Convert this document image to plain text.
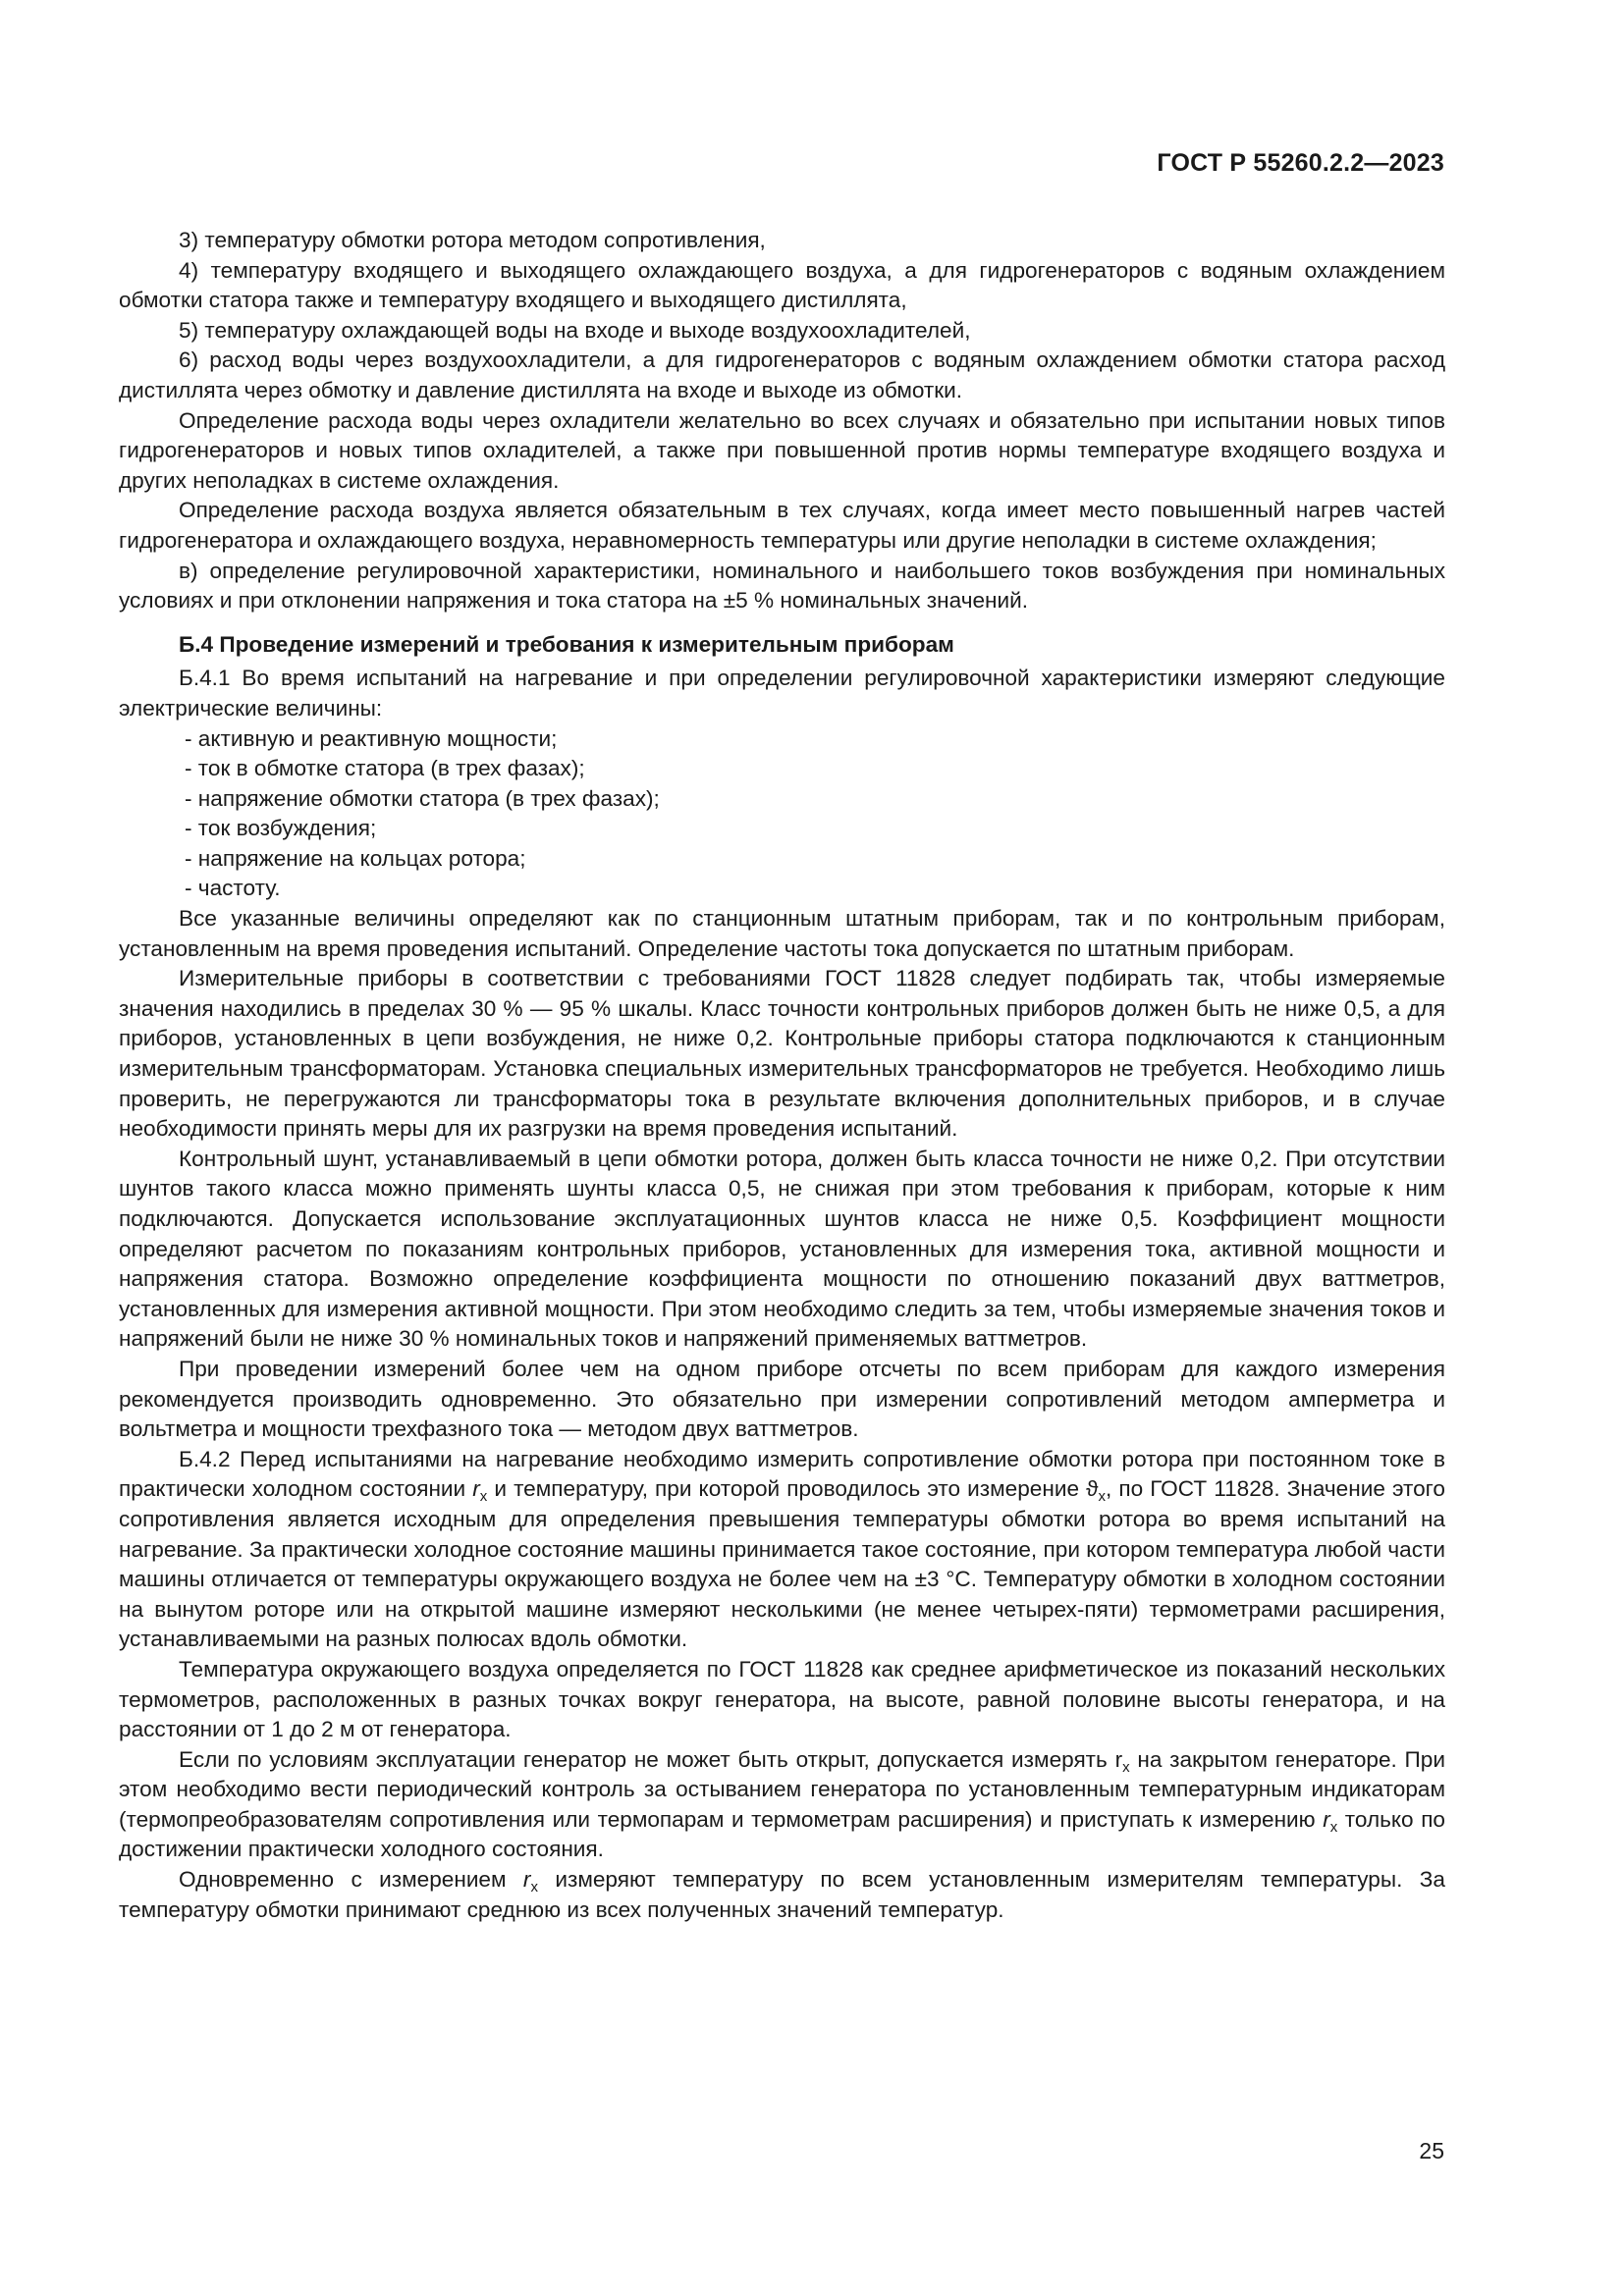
ГОСТ Р 55260.2.2—2023

3) температуру обмотки ротора методом сопротивления,

4) температуру входящего и выходящего охлаждающего воздуха, а для гидрогенераторов с водяным охлаждением обмотки статора также и температуру входящего и выходящего дистиллята,

5) температуру охлаждающей воды на входе и выходе воздухоохладителей,

6) расход воды через воздухоохладители, а для гидрогенераторов с водяным охлаждением обмотки статора расход дистиллята через обмотку и давление дистиллята на входе и выходе из обмотки.

Определение расхода воды через охладители желательно во всех случаях и обязательно при испытании новых типов гидрогенераторов и новых типов охладителей, а также при повышенной против нормы температуре входящего воздуха и других неполадках в системе охлаждения.

Определение расхода воздуха является обязательным в тех случаях, когда имеет место повышенный нагрев частей гидрогенератора и охлаждающего воздуха, неравномерность температуры или другие неполадки в системе охлаждения;

в) определение регулировочной характеристики, номинального и наибольшего токов возбуждения при номинальных условиях и при отклонении напряжения и тока статора на ±5 % номинальных значений.

Б.4 Проведение измерений и требования к измерительным приборам

Б.4.1 Во время испытаний на нагревание и при определении регулировочной характеристики измеряют следующие электрические величины:

- активную и реактивную мощности;

- ток в обмотке статора (в трех фазах);

- напряжение обмотки статора (в трех фазах);

- ток возбуждения;

- напряжение на кольцах ротора;

- частоту.

Все указанные величины определяют как по станционным штатным приборам, так и по контрольным приборам, установленным на время проведения испытаний. Определение частоты тока допускается по штатным приборам.

Измерительные приборы в соответствии с требованиями ГОСТ 11828 следует подбирать так, чтобы измеряемые значения находились в пределах 30 % — 95 % шкалы. Класс точности контрольных приборов должен быть не ниже 0,5, а для приборов, установленных в цепи возбуждения, не ниже 0,2. Контрольные приборы статора подключаются к станционным измерительным трансформаторам. Установка специальных измерительных трансформаторов не требуется. Необходимо лишь проверить, не перегружаются ли трансформаторы тока в результате включения дополнительных приборов, и в случае необходимости принять меры для их разгрузки на время проведения испытаний.

Контрольный шунт, устанавливаемый в цепи обмотки ротора, должен быть класса точности не ниже 0,2. При отсутствии шунтов такого класса можно применять шунты класса 0,5, не снижая при этом требования к приборам, которые к ним подключаются. Допускается использование эксплуатационных шунтов класса не ниже 0,5. Коэффициент мощности определяют расчетом по показаниям контрольных приборов, установленных для измерения тока, активной мощности и напряжения статора. Возможно определение коэффициента мощности по отношению показаний двух ваттметров, установленных для измерения активной мощности. При этом необходимо следить за тем, чтобы измеряемые значения токов и напряжений были не ниже 30 % номинальных токов и напряжений применяемых ваттметров.

При проведении измерений более чем на одном приборе отсчеты по всем приборам для каждого измерения рекомендуется производить одновременно. Это обязательно при измерении сопротивлений методом амперметра и вольтметра и мощности трехфазного тока — методом двух ваттметров.

Б.4.2 Перед испытаниями на нагревание необходимо измерить сопротивление обмотки ротора при постоянном токе в практически холодном состоянии $r_x$ и температуру, при которой проводилось это измерение $ϑ_x$, по ГОСТ 11828. Значение этого сопротивления является исходным для определения превышения температуры обмотки ротора во время испытаний на нагревание. За практически холодное состояние машины принимается такое состояние, при котором температура любой части машины отличается от температуры окружающего воздуха не более чем на ±3 °С. Температуру обмотки в холодном состоянии на вынутом роторе или на открытой машине измеряют несколькими (не менее четырех-пяти) термометрами расширения, устанавливаемыми на разных полюсах вдоль обмотки.

Температура окружающего воздуха определяется по ГОСТ 11828 как среднее арифметическое из показаний нескольких термометров, расположенных в разных точках вокруг генератора, на высоте, равной половине высоты генератора, и на расстоянии от 1 до 2 м от генератора.

Если по условиям эксплуатации генератор не может быть открыт, допускается измерять $r_x$ на закрытом генераторе. При этом необходимо вести периодический контроль за остыванием генератора по установленным температурным индикаторам (термопреобразователям сопротивления или термопарам и термометрам расширения) и приступать к измерению $r_x$ только по достижении практически холодного состояния.

Одновременно с измерением $r_x$ измеряют температуру по всем установленным измерителям температуры. За температуру обмотки принимают среднюю из всех полученных значений температур.

25
